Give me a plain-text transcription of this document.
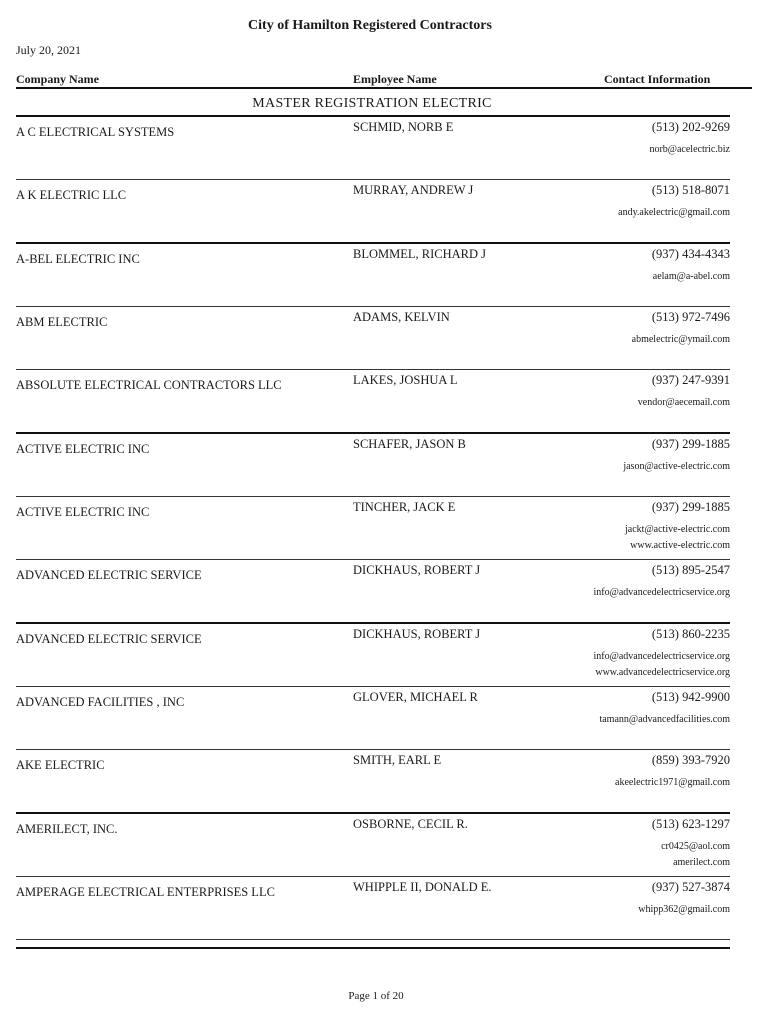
City of Hamilton Registered Contractors
July 20, 2021
Company Name	Employee Name	Contact Information
MASTER REGISTRATION ELECTRIC
A C ELECTRICAL SYSTEMS	SCHMID, NORB E	(513) 202-9269
norb@acelectric.biz
A K ELECTRIC LLC	MURRAY, ANDREW J	(513) 518-8071
andy.akelectric@gmail.com
A-BEL ELECTRIC INC	BLOMMEL, RICHARD J	(937) 434-4343
aelam@a-abel.com
ABM ELECTRIC	ADAMS, KELVIN	(513) 972-7496
abmelectric@ymail.com
ABSOLUTE ELECTRICAL CONTRACTORS LLC	LAKES, JOSHUA L	(937) 247-9391
vendor@aecemail.com
ACTIVE ELECTRIC INC	SCHAFER, JASON B	(937) 299-1885
jason@active-electric.com
ACTIVE ELECTRIC INC	TINCHER, JACK E	(937) 299-1885
jackt@active-electric.com
www.active-electric.com
ADVANCED ELECTRIC SERVICE	DICKHAUS, ROBERT J	(513) 895-2547
info@advancedelectricservice.org
ADVANCED ELECTRIC SERVICE	DICKHAUS, ROBERT J	(513) 860-2235
info@advancedelectricservice.org
www.advancedelectricservice.org
ADVANCED FACILITIES , INC	GLOVER, MICHAEL R	(513) 942-9900
tamann@advancedfacilities.com
AKE ELECTRIC	SMITH, EARL E	(859) 393-7920
akeelectric1971@gmail.com
AMERILECT, INC.	OSBORNE, CECIL R.	(513) 623-1297
cr0425@aol.com
amerilect.com
AMPERAGE ELECTRICAL ENTERPRISES LLC	WHIPPLE II, DONALD E.	(937) 527-3874
whipp362@gmail.com
Page 1 of 20
